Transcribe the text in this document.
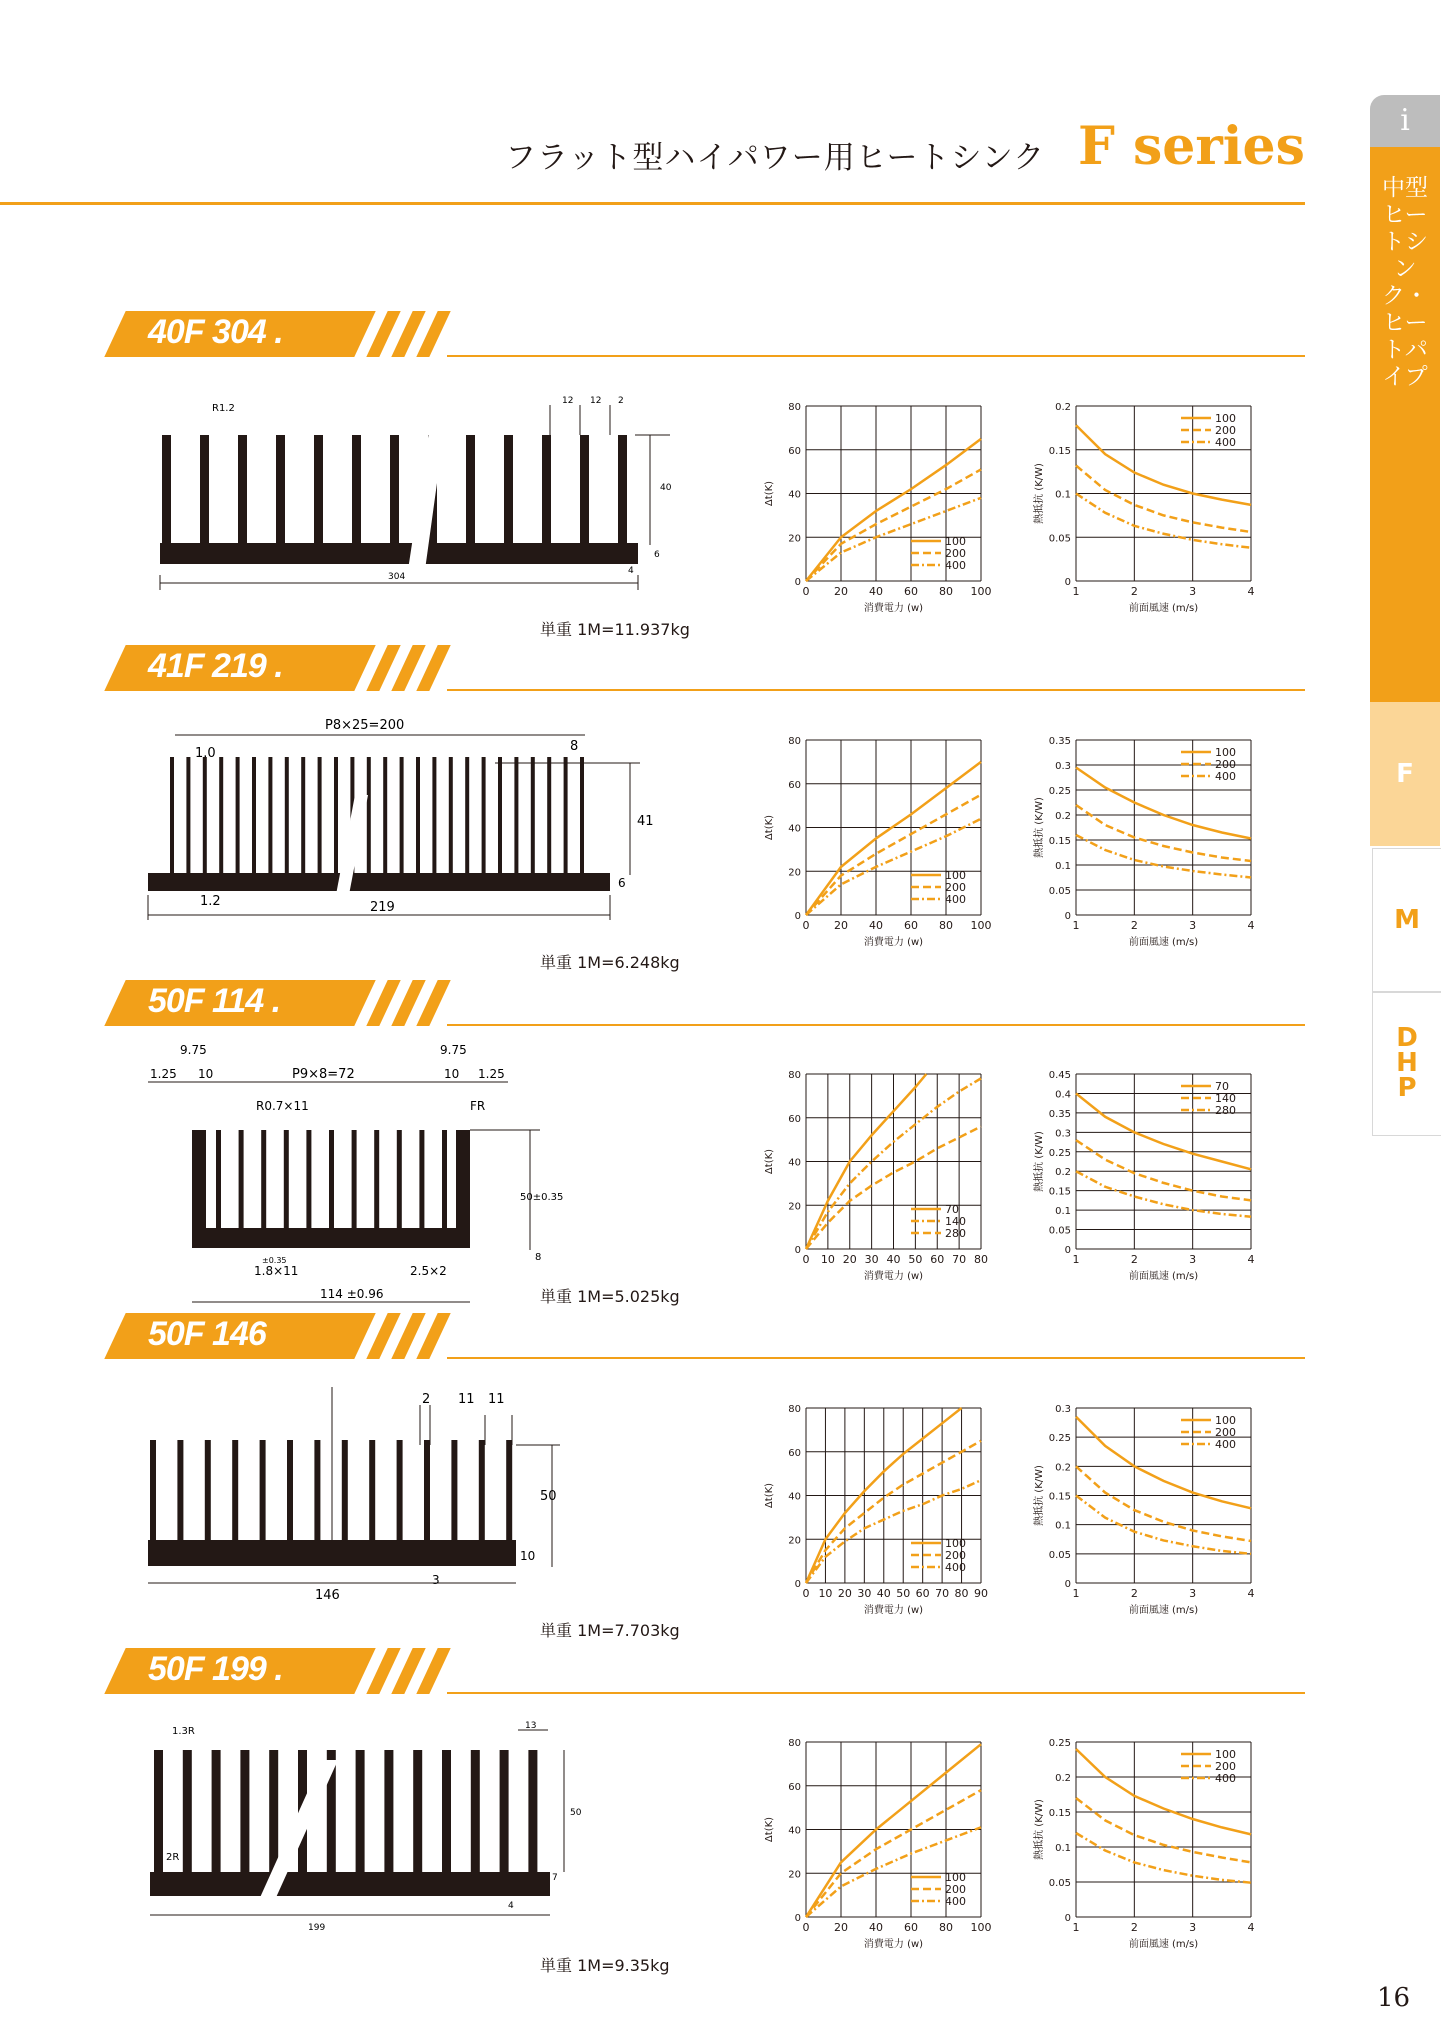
フラット型ハイパワー用ヒートシンク F series	i
中型ヒートシンク・ヒートパイプ
F
M
D
H
P
40F 304 .
R1.2
12 12 2
40
6
304
4
単重 1M=11.937kg
0 20 40 60 80 100
0
20
40
60
80
消費電力 (w)
Δt(K)
100
200
400
1	2	3	4
0
0.05
0.1
0.15
0.2
前面風速 (m/s)
熱抵抗 (K/W)
100
200
400
41F 219 .
P8×25=200
1.0	8
41
6
1.2	219
単重 1M=6.248kg
0 20 40 60 80 100
0
20
40
60
80
消費電力 (w)
Δt(K)
100
200
400
1	2	3	4
0
0.05
0.1
0.15
0.2
0.25
0.3
0.35
前面風速 (m/s)
熱抵抗 (K/W)
100
200
400
50F 114 .
9.75	9.75
1.25 10	P9×8=72	10 1.25
R0.7×11	FR
50±0.35
8
±0.35
1.8×11	2.5×2
114 ±0.96	単重 1M=5.025kg
0 10 20 30 40 50 60 70 80
0
20
40
60
80
消費電力 (w)
Δt(K)
70
140
280
1	2	3	4
0
0.05
0.1
0.15
0.2
0.25
0.3
0.35
0.4
0.45
前面風速 (m/s)
熱抵抗 (K/W)
70
140
280
50F 146
2 11 11
50
10
3
146
単重 1M=7.703kg
0 10 20 30 40 50 60 70 80 90
0
20
40
60
80
消費電力 (w)
Δt(K)
100
200
400
1	2	3	4
0
0.05
0.1
0.15
0.2
0.25
0.3
前面風速 (m/s)
熱抵抗 (K/W)
100
200
400
50F 199 .
1.3R
2R
13
50
7
4
199
単重 1M=9.35kg
0 20 40 60 80 100
0
20
40
60
80
消費電力 (w)
Δt(K)
100
200
400
1	2	3	4
0
0.05
0.1
0.15
0.2
0.25
前面風速 (m/s)
熱抵抗 (K/W)
100
200
400
16
